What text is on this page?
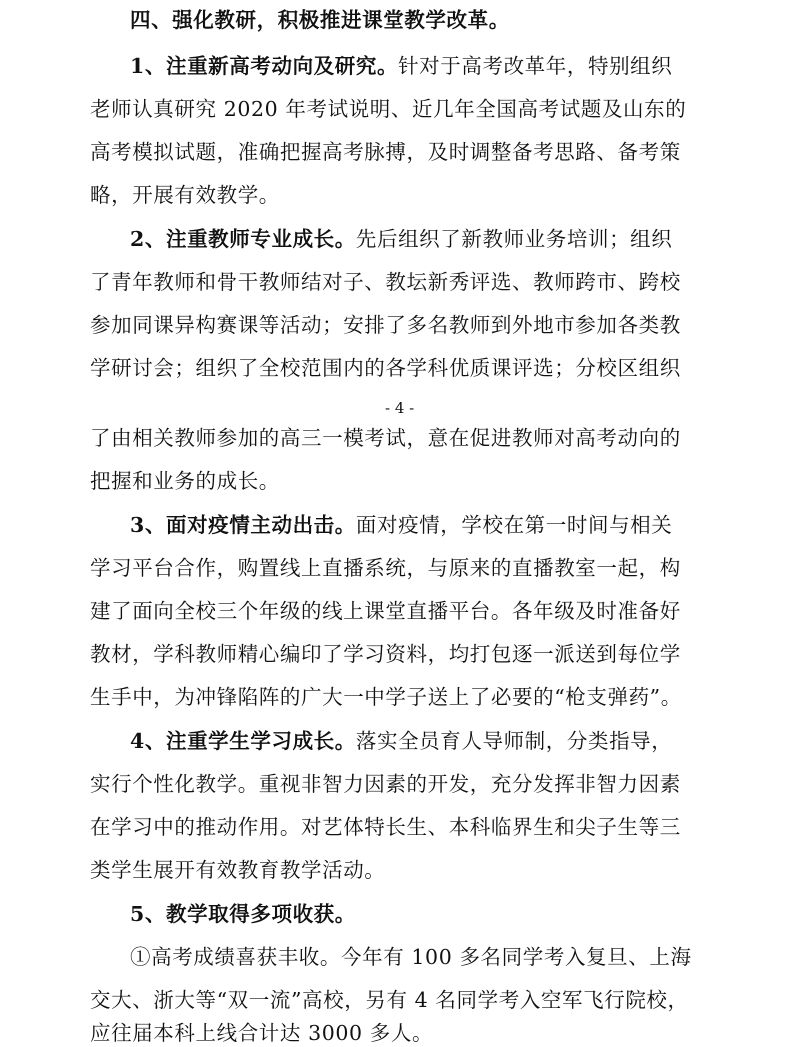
四、强化教研，积极推进课堂教学改革。
1、注重新高考动向及研究。针对于高考改革年，特别组织
老师认真研究 2020 年考试说明、近几年全国高考试题及山东的
高考模拟试题，准确把握高考脉搏，及时调整备考思路、备考策
略，开展有效教学。
2、注重教师专业成长。先后组织了新教师业务培训；组织
了青年教师和骨干教师结对子、教坛新秀评选、教师跨市、跨校
参加同课异构赛课等活动；安排了多名教师到外地市参加各类教
学研讨会；组织了全校范围内的各学科优质课评选；分校区组织
- 4 -
了由相关教师参加的高三一模考试，意在促进教师对高考动向的
把握和业务的成长。
3、面对疫情主动出击。面对疫情，学校在第一时间与相关
学习平台合作，购置线上直播系统，与原来的直播教室一起，构
建了面向全校三个年级的线上课堂直播平台。各年级及时准备好
教材，学科教师精心编印了学习资料，均打包逐一派送到每位学
生手中，为冲锋陷阵的广大一中学子送上了必要的“枪支弹药”。
4、注重学生学习成长。落实全员育人导师制，分类指导，
实行个性化教学。重视非智力因素的开发，充分发挥非智力因素
在学习中的推动作用。对艺体特长生、本科临界生和尖子生等三
类学生展开有效教育教学活动。
5、教学取得多项收获。
①高考成绩喜获丰收。今年有 100 多名同学考入复旦、上海
交大、浙大等“双一流”高校，另有 4 名同学考入空军飞行院校，
应往届本科上线合计达 3000 多人。
